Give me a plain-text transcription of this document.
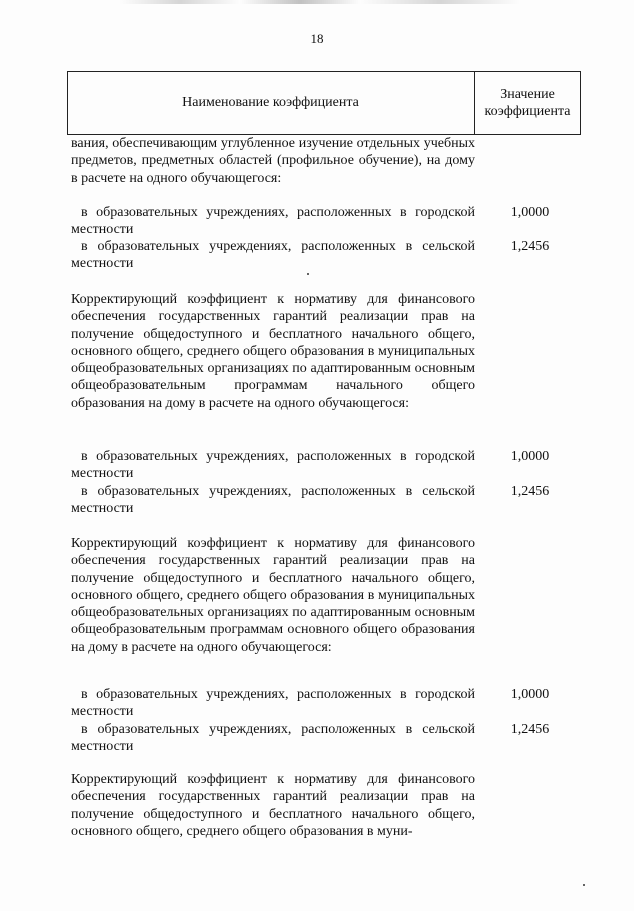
18
Наименование коэффициента
Значение
коэффициента
вания, обеспечивающим углубленное изучение отдельных учебных предметов, предметных областей (профильное обучение), на дому в расчете на одного обучающегося:
в образовательных учреждениях, расположенных в городской местности
1,0000
в образовательных учреждениях, расположенных в сельской местности
1,2456
Корректирующий коэффициент к нормативу для финансового обеспечения государственных гарантий реализации прав на получение общедоступного и бесплатного начального общего, основного общего, среднего общего образования в муниципальных общеобразовательных организациях по адаптированным основным общеобразовательным программам начального общего образования на дому в расчете на одного обучающегося:
в образовательных учреждениях, расположенных в городской местности
1,0000
в образовательных учреждениях, расположенных в сельской местности
1,2456
Корректирующий коэффициент к нормативу для финансового обеспечения государственных гарантий реализации прав на получение общедоступного и бесплатного начального общего, основного общего, среднего общего образования в муниципальных общеобразовательных организациях по адаптированным основным общеобразовательным программам основного общего образования на дому в расчете на одного обучающегося:
в образовательных учреждениях, расположенных в городской местности
1,0000
в образовательных учреждениях, расположенных в сельской местности
1,2456
Корректирующий коэффициент к нормативу для финансового обеспечения государственных гарантий реализации прав на получение общедоступного и бесплатного начального общего, основного общего, среднего общего образования в муни-
